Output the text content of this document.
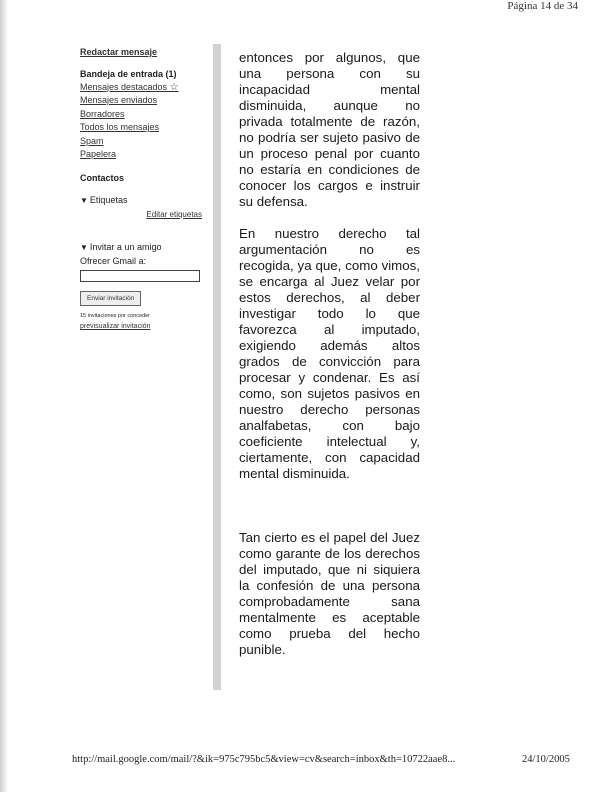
Página 14 de 34
Redactar mensaje
Bandeja de entrada (1)
Mensajes destacados ☆
Mensajes enviados
Borradores
Todos los mensajes
Spam
Papelera
Contactos
▼ Etiquetas
Editar etiquetas
▼ Invitar a un amigo
Ofrecer Gmail a:
Enviar invitación
15 invitaciones por conceder
previsualizar invitación

entonces por algunos, que una persona con su incapacidad mental disminuida, aunque no privada totalmente de razón, no podría ser sujeto pasivo de un proceso penal por cuanto no estaría en condiciones de conocer los cargos e instruir su defensa.

En nuestro derecho tal argumentación no es recogida, ya que, como vimos, se encarga al Juez velar por estos derechos, al deber investigar todo lo que favorezca al imputado, exigiendo además altos grados de convicción para procesar y condenar. Es así como, son sujetos pasivos en nuestro derecho personas analfabetas, con bajo coeficiente intelectual y, ciertamente, con capacidad mental disminuida.

Tan cierto es el papel del Juez como garante de los derechos del imputado, que ni siquiera la confesión de una persona comprobadamente sana mentalmente es aceptable como prueba del hecho punible.

http://mail.google.com/mail/?&ik=975c795bc5&view=cv&search=inbox&th=10722aae8...	24/10/2005
